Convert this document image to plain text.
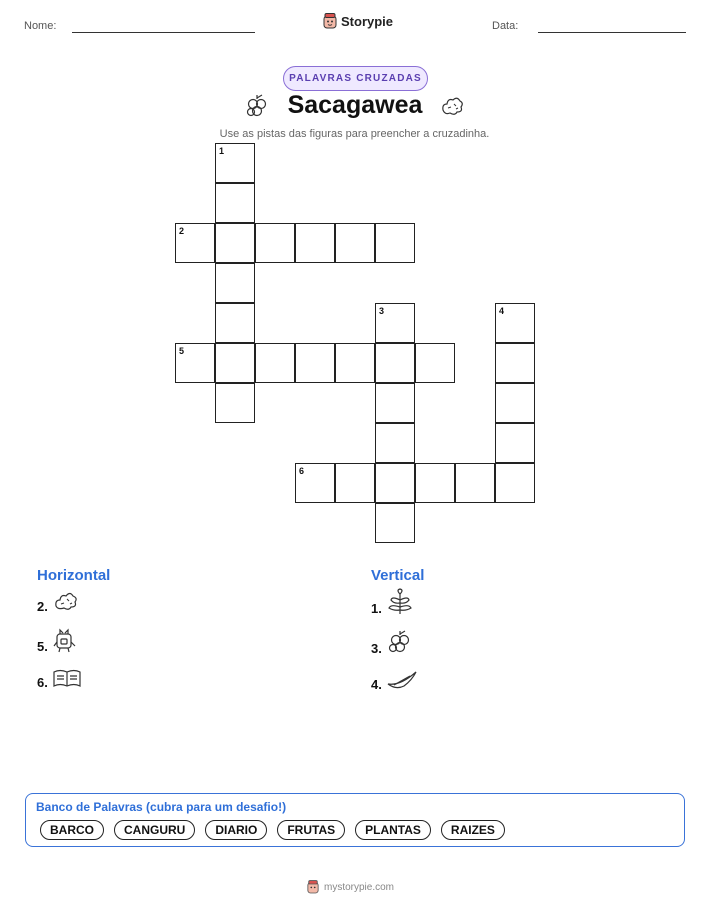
Nome:	Storypie	Data:
PALAVRAS CRUZADAS
Sacagawea
Use as pistas das figuras para preencher a cruzadinha.
1
2
3	4
5
6
Horizontal	Vertical
2.
5.
6.
1.
3.
4.
Banco de Palavras (cubra para um desafio!)
BARCO	CANGURU	DIARIO	FRUTAS	PLANTAS	RAIZES
mystorypie.com
